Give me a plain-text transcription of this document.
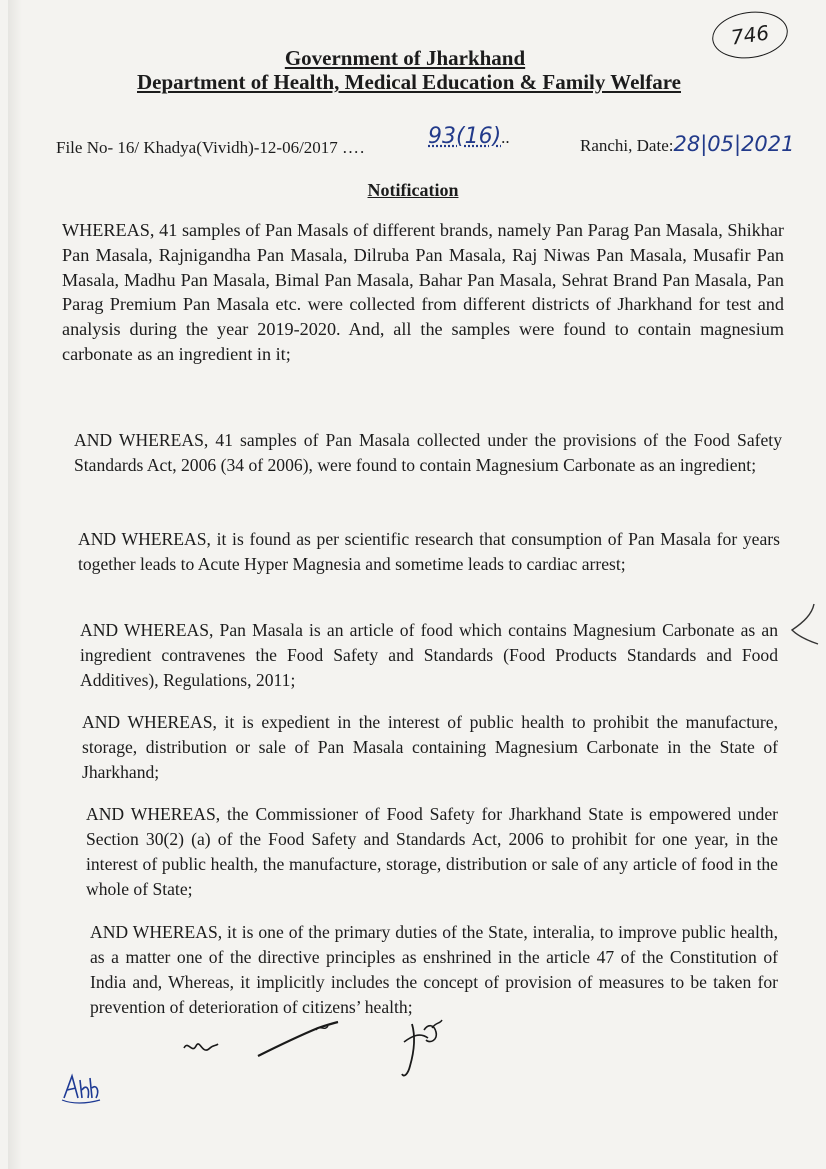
746
Government of Jharkhand
Department of Health, Medical Education & Family Welfare
File No- 16/ Khadya(Vividh)-12-06/2017 ….	93(16)..	Ranchi, Date:28|05|2021
Notification
WHEREAS, 41 samples of Pan Masals of different brands, namely Pan Parag Pan Masala, Shikhar Pan Masala, Rajnigandha Pan Masala, Dilruba Pan Masala, Raj Niwas Pan Masala, Musafir Pan Masala, Madhu Pan Masala, Bimal Pan Masala, Bahar Pan Masala, Sehrat Brand Pan Masala, Pan Parag Premium Pan Masala etc. were collected from different districts of Jharkhand for test and analysis during the year 2019-2020. And, all the samples were found to contain magnesium carbonate as an ingredient in it;
AND WHEREAS, 41 samples of Pan Masala collected under the provisions of the Food Safety Standards Act, 2006 (34 of 2006), were found to contain Magnesium Carbonate as an ingredient;
AND WHEREAS, it is found as per scientific research that consumption of Pan Masala for years together leads to Acute Hyper Magnesia and sometime leads to cardiac arrest;
AND WHEREAS, Pan Masala is an article of food which contains Magnesium Carbonate as an ingredient contravenes the Food Safety and Standards (Food Products Standards and Food Additives), Regulations, 2011;
AND WHEREAS, it is expedient in the interest of public health to prohibit the manufacture, storage, distribution or sale of Pan Masala containing Magnesium Carbonate in the State of Jharkhand;
AND WHEREAS, the Commissioner of Food Safety for Jharkhand State is empowered under Section 30(2) (a) of the Food Safety and Standards Act, 2006 to prohibit for one year, in the interest of public health, the manufacture, storage, distribution or sale of any article of food in the whole of State;
AND WHEREAS, it is one of the primary duties of the State, interalia, to improve public health, as a matter one of the directive principles as enshrined in the article 47 of the Constitution of India and, Whereas, it implicitly includes the concept of provision of measures to be taken for prevention of deterioration of citizens’ health;
